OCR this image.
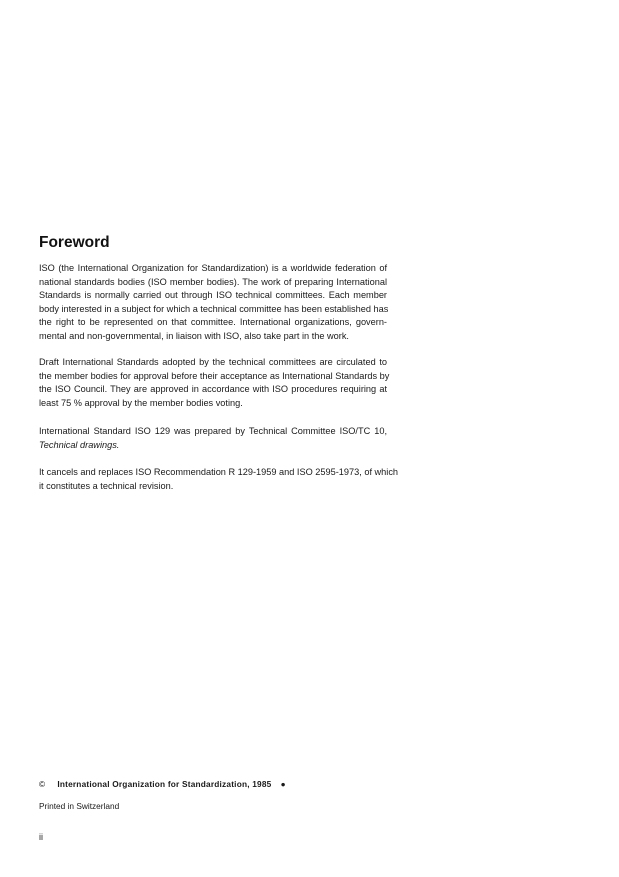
Foreword
ISO (the International Organization for Standardization) is a worldwide federation of
national standards bodies (ISO member bodies). The work of preparing International
Standards is normally carried out through ISO technical committees. Each member
body interested in a subject for which a technical committee has been established has
the right to be represented on that committee. International organizations, govern-
mental and non-governmental, in liaison with ISO, also take part in the work.
Draft International Standards adopted by the technical committees are circulated to
the member bodies for approval before their acceptance as International Standards by
the ISO Council. They are approved in accordance with ISO procedures requiring at
least 75 % approval by the member bodies voting.
International Standard ISO 129 was prepared by Technical Committee ISO/TC 10,
Technical drawings.
It cancels and replaces ISO Recommendation R 129-1959 and ISO 2595-1973, of which
it constitutes a technical revision.
© International Organization for Standardization, 1985 ●
Printed in Switzerland
ii
